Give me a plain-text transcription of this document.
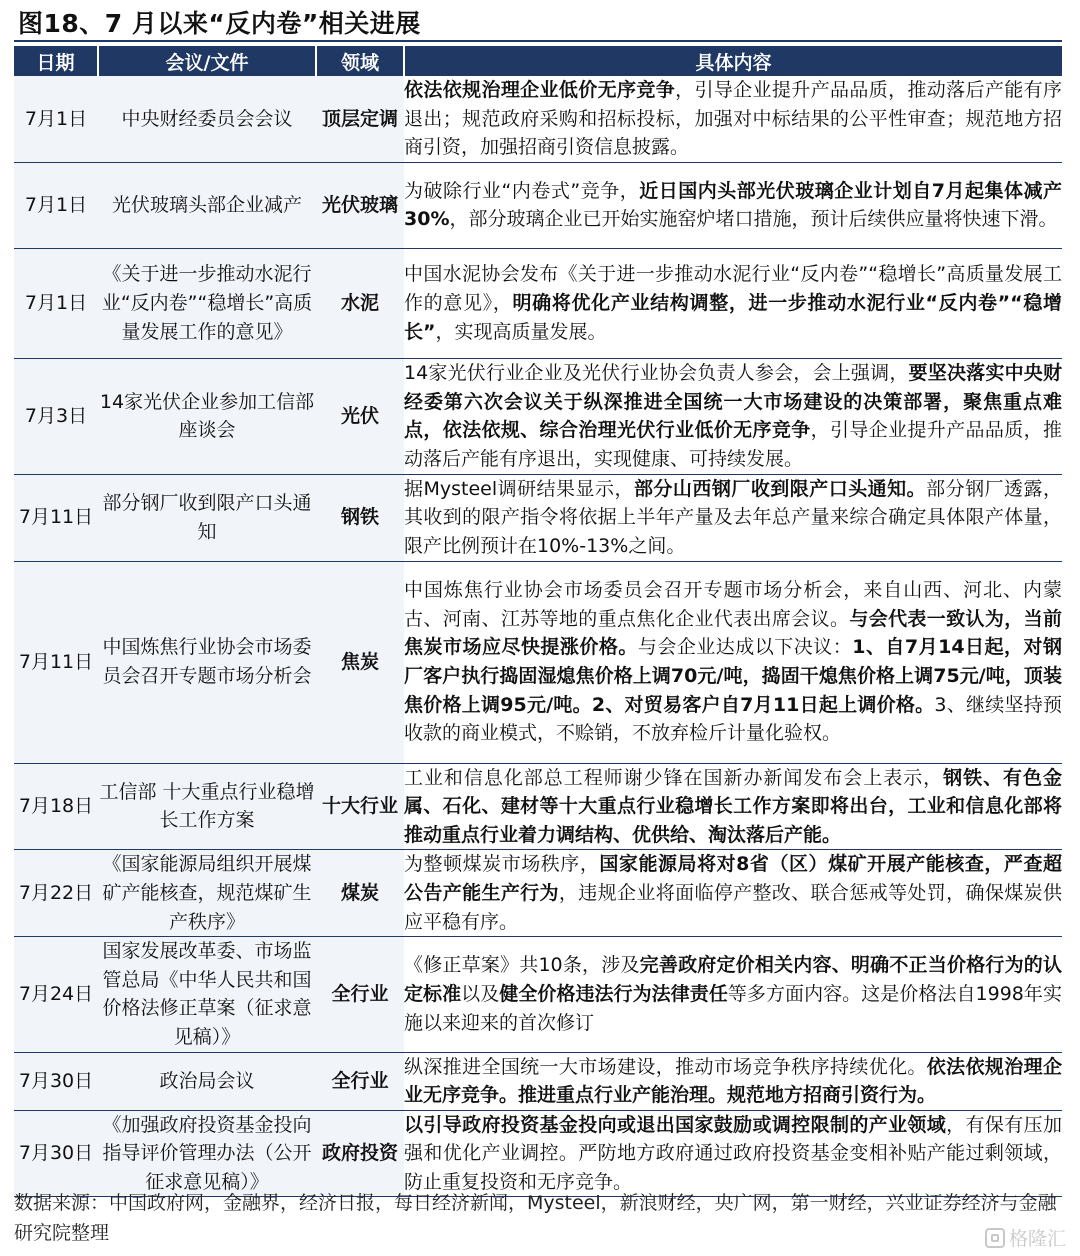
图18、7 月以来“反内卷”相关进展
日期	会议/文件	领域	具体内容
7月1日	中央财经委员会会议	顶层定调	依法依规治理企业低价无序竞争，引导企业提升产品品质，推动落后产能有序退出；规范政府采购和招标投标，加强对中标结果的公平性审查；规范地方招商引资，加强招商引资信息披露。
7月1日	光伏玻璃头部企业减产	光伏玻璃	为破除行业“内卷式”竞争，近日国内头部光伏玻璃企业计划自7月起集体减产30%，部分玻璃企业已开始实施窑炉堵口措施，预计后续供应量将快速下滑。
7月1日	《关于进一步推动水泥行业“反内卷”“稳增长”高质量发展工作的意见》	水泥	中国水泥协会发布《关于进一步推动水泥行业“反内卷”“稳增长”高质量发展工作的意见》，明确将优化产业结构调整，进一步推动水泥行业“反内卷”“稳增长”，实现高质量发展。
7月3日	14家光伏企业参加工信部座谈会	光伏	14家光伏行业企业及光伏行业协会负责人参会，会上强调，要坚决落实中央财经委第六次会议关于纵深推进全国统一大市场建设的决策部署，聚焦重点难点，依法依规、综合治理光伏行业低价无序竞争，引导企业提升产品品质，推动落后产能有序退出，实现健康、可持续发展。
7月11日	部分钢厂收到限产口头通知	钢铁	据Mysteel调研结果显示，部分山西钢厂收到限产口头通知。部分钢厂透露，其收到的限产指令将依据上半年产量及去年总产量来综合确定具体限产体量，限产比例预计在10%-13%之间。
7月11日	中国炼焦行业协会市场委员会召开专题市场分析会	焦炭	中国炼焦行业协会市场委员会召开专题市场分析会，来自山西、河北、内蒙古、河南、江苏等地的重点焦化企业代表出席会议。与会代表一致认为，当前焦炭市场应尽快提涨价格。与会企业达成以下决议：1、自7月14日起，对钢厂客户执行捣固湿熄焦价格上调70元/吨，捣固干熄焦价格上调75元/吨，顶装焦价格上调95元/吨。2、对贸易客户自7月11日起上调价格。3、继续坚持预收款的商业模式，不赊销，不放弃检斤计量化验权。
7月18日	工信部 十大重点行业稳增长工作方案	十大行业	工业和信息化部总工程师谢少锋在国新办新闻发布会上表示，钢铁、有色金属、石化、建材等十大重点行业稳增长工作方案即将出台，工业和信息化部将推动重点行业着力调结构、优供给、淘汰落后产能。
7月22日	《国家能源局组织开展煤矿产能核查，规范煤矿生产秩序》	煤炭	为整顿煤炭市场秩序，国家能源局将对8省（区）煤矿开展产能核查，严查超公告产能生产行为，违规企业将面临停产整改、联合惩戒等处罚，确保煤炭供应平稳有序。
7月24日	国家发展改革委、市场监管总局《中华人民共和国价格法修正草案（征求意见稿）》	全行业	《修正草案》共10条，涉及完善政府定价相关内容、明确不正当价格行为的认定标准以及健全价格违法行为法律责任等多方面内容。这是价格法自1998年实施以来迎来的首次修订
7月30日	政治局会议	全行业	纵深推进全国统一大市场建设，推动市场竞争秩序持续优化。依法依规治理企业无序竞争。推进重点行业产能治理。规范地方招商引资行为。
7月30日	《加强政府投资基金投向指导评价管理办法（公开征求意见稿）》	政府投资	以引导政府投资基金投向或退出国家鼓励或调控限制的产业领域，有保有压加强和优化产业调控。严防地方政府通过政府投资基金变相补贴产能过剩领域，防止重复投资和无序竞争。
数据来源：中国政府网，金融界，经济日报，每日经济新闻，Mysteel，新浪财经，央广网，第一财经，兴业证券经济与金融研究院整理	格隆汇
